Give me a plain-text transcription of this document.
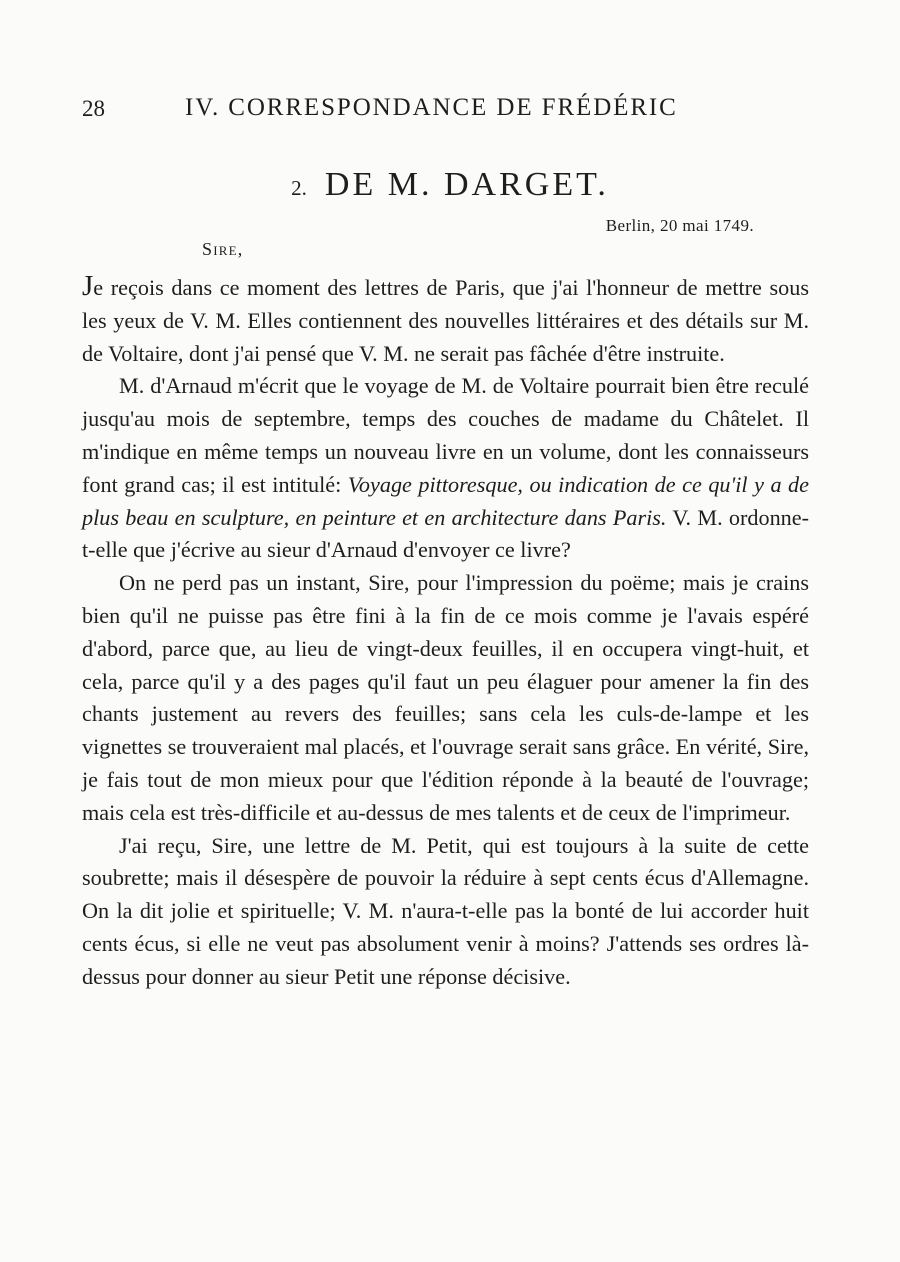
28	IV. CORRESPONDANCE DE FRÉDÉRIC
2. DE M. DARGET.
Berlin, 20 mai 1749.
Sire,

Je reçois dans ce moment des lettres de Paris, que j'ai l'honneur de mettre sous les yeux de V. M. Elles contiennent des nouvelles littéraires et des détails sur M. de Voltaire, dont j'ai pensé que V. M. ne serait pas fâchée d'être instruite.

M. d'Arnaud m'écrit que le voyage de M. de Voltaire pourrait bien être reculé jusqu'au mois de septembre, temps des couches de madame du Châtelet. Il m'indique en même temps un nouveau livre en un volume, dont les connaisseurs font grand cas; il est intitulé: Voyage pittoresque, ou indication de ce qu'il y a de plus beau en sculpture, en peinture et en architecture dans Paris. V. M. ordonne-t-elle que j'écrive au sieur d'Arnaud d'envoyer ce livre?

On ne perd pas un instant, Sire, pour l'impression du poëme; mais je crains bien qu'il ne puisse pas être fini à la fin de ce mois comme je l'avais espéré d'abord, parce que, au lieu de vingt-deux feuilles, il en occupera vingt-huit, et cela, parce qu'il y a des pages qu'il faut un peu élaguer pour amener la fin des chants justement au revers des feuilles; sans cela les culs-de-lampe et les vignettes se trouveraient mal placés, et l'ouvrage serait sans grâce. En vérité, Sire, je fais tout de mon mieux pour que l'édition réponde à la beauté de l'ouvrage; mais cela est très-difficile et au-dessus de mes talents et de ceux de l'imprimeur.

J'ai reçu, Sire, une lettre de M. Petit, qui est toujours à la suite de cette soubrette; mais il désespère de pouvoir la réduire à sept cents écus d'Allemagne. On la dit jolie et spirituelle; V. M. n'aura-t-elle pas la bonté de lui accorder huit cents écus, si elle ne veut pas absolument venir à moins? J'attends ses ordres là-dessus pour donner au sieur Petit une réponse décisive.
